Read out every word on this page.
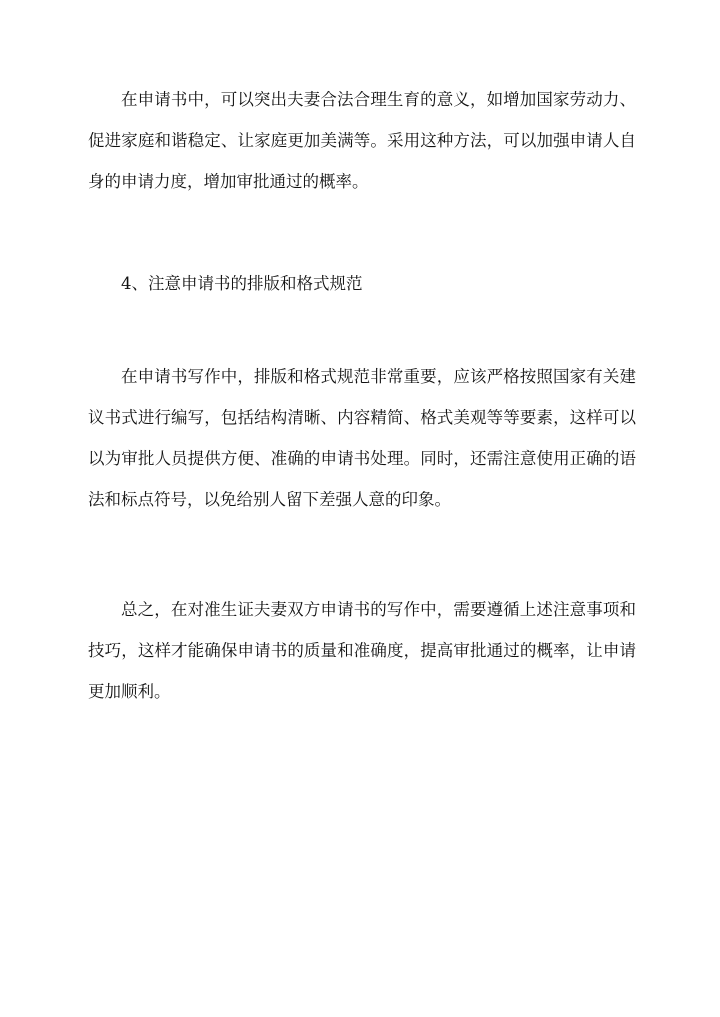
在申请书中，可以突出夫妻合法合理生育的意义，如增加国家劳动力、促进家庭和谐稳定、让家庭更加美满等。采用这种方法，可以加强申请人自身的申请力度，增加审批通过的概率。

4、注意申请书的排版和格式规范

在申请书写作中，排版和格式规范非常重要，应该严格按照国家有关建议书式进行编写，包括结构清晰、内容精简、格式美观等等要素，这样可以以为审批人员提供方便、准确的申请书处理。同时，还需注意使用正确的语法和标点符号，以免给别人留下差强人意的印象。

总之，在对准生证夫妻双方申请书的写作中，需要遵循上述注意事项和技巧，这样才能确保申请书的质量和准确度，提高审批通过的概率，让申请更加顺利。
